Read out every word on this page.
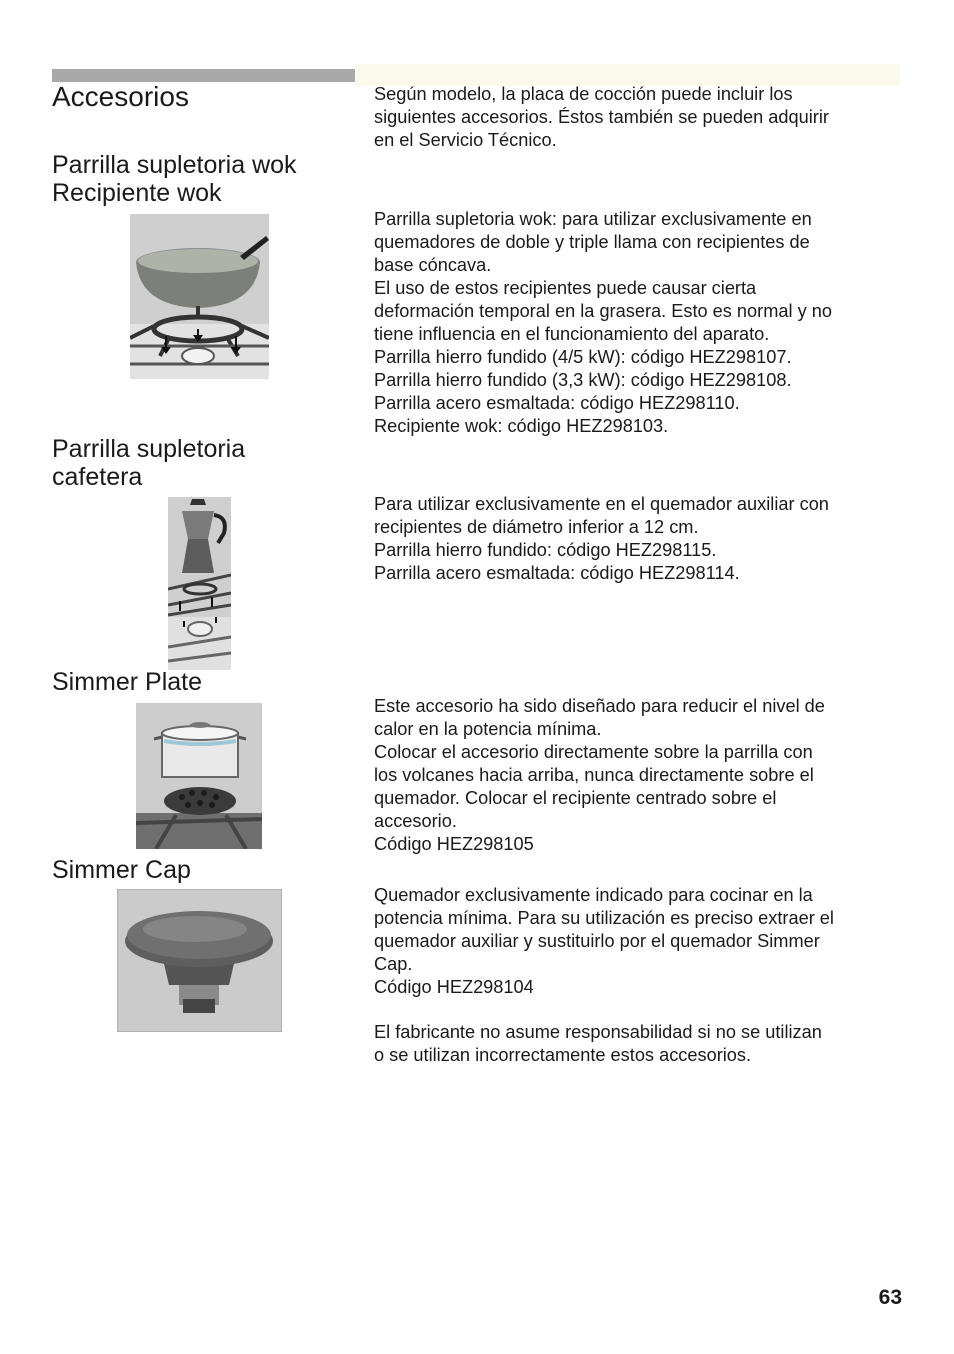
Accesorios	Según modelo, la placa de cocción puede incluir los
siguientes accesorios. Éstos también se pueden adquirir
en el Servicio Técnico.

Parrilla supletoria wok
Recipiente wok

Parrilla supletoria wok: para utilizar exclusivamente en
quemadores de doble y triple llama con recipientes de
base cóncava.
El uso de estos recipientes puede causar cierta
deformación temporal en la grasera. Esto es normal y no
tiene influencia en el funcionamiento del aparato.
Parrilla hierro fundido (4/5 kW): código HEZ298107.
Parrilla hierro fundido (3,3 kW): código HEZ298108.
Parrilla acero esmaltada: código HEZ298110.
Recipiente wok: código HEZ298103.

Parrilla supletoria
cafetera

Para utilizar exclusivamente en el quemador auxiliar con
recipientes de diámetro inferior a 12 cm.
Parrilla hierro fundido: código HEZ298115.
Parrilla acero esmaltada: código HEZ298114.

Simmer Plate

Este accesorio ha sido diseñado para reducir el nivel de
calor en la potencia mínima.
Colocar el accesorio directamente sobre la parrilla con
los volcanes hacia arriba, nunca directamente sobre el
quemador. Colocar el recipiente centrado sobre el
accesorio.
Código HEZ298105

Simmer Cap

Quemador exclusivamente indicado para cocinar en la
potencia mínima. Para su utilización es preciso extraer el
quemador auxiliar y sustituirlo por el quemador Simmer
Cap.
Código HEZ298104

El fabricante no asume responsabilidad si no se utilizan
o se utilizan incorrectamente estos accesorios.

63
